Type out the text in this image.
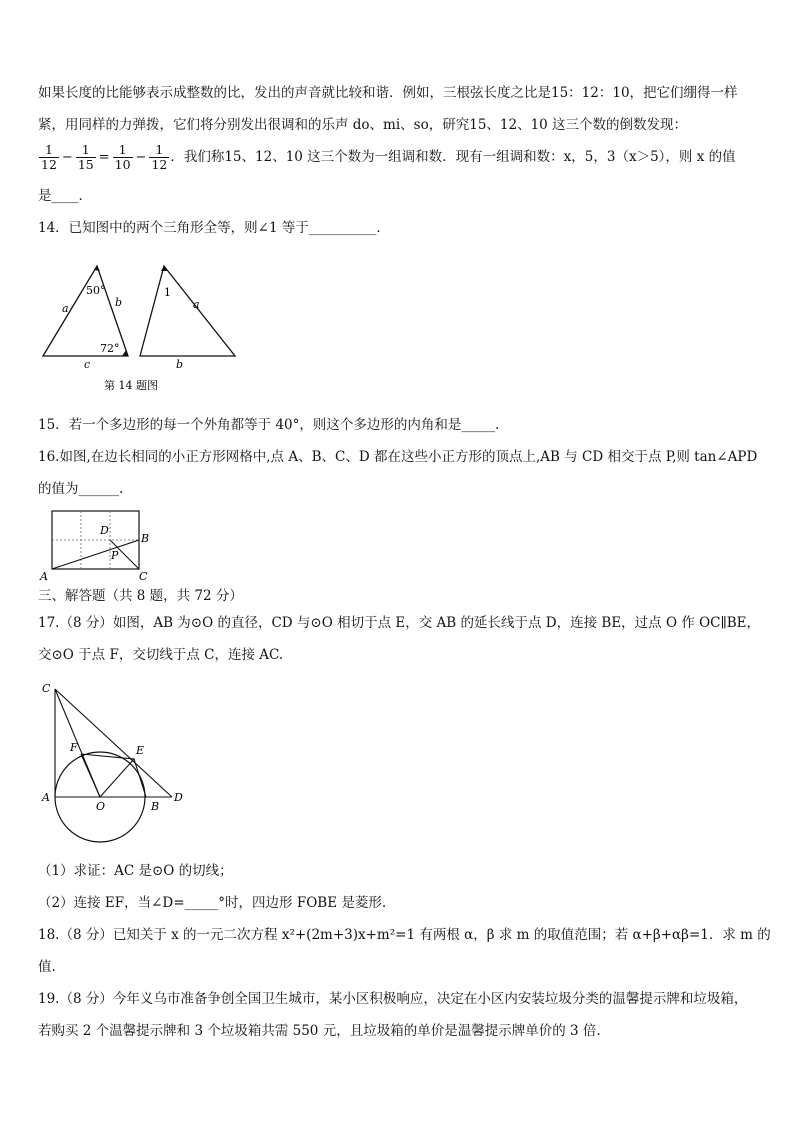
如果长度的比能够表示成整数的比，发出的声音就比较和谐．例如，三根弦长度之比是15：12：10，把它们绷得一样
紧，用同样的力弹拨，它们将分别发出很调和的乐声 do、mi、so，研究15、12、10 这三个数的倒数发现：
$\frac{1}{12} - \frac{1}{15} = \frac{1}{10} - \frac{1}{12}$ ．我们称15、12、10 这三个数为一组调和数．现有一组调和数：x，5，3（x＞5），则 x 的值
是____．
14．已知图中的两个三角形全等，则∠1 等于__________．
50°
72°
a	b
c
1
a
b
第 14 题图
15．若一个多边形的每一个外角都等于 40°，则这个多边形的内角和是_____.
16.如图,在边长相同的小正方形网格中,点 A、B、C、D 都在这些小正方形的顶点上,AB 与 CD 相交于点 P,则 tan∠APD
的值为______.
D
B
P
A	C
三、解答题（共 8 题，共 72 分）
17.（8 分）如图，AB 为⊙O 的直径，CD 与⊙O 相切于点 E，交 AB 的延长线于点 D，连接 BE，过点 O 作 OC∥BE，
交⊙O 于点 F，交切线于点 C，连接 AC.
C
F	E
A
O	B
D
（1）求证：AC 是⊙O 的切线；
（2）连接 EF，当∠D=_____°时，四边形 FOBE 是菱形.
18.（8 分）已知关于 x 的一元二次方程 x²+(2m+3)x+m²=1 有两根 α，β 求 m 的取值范围；若 α+β+αβ=1．求 m 的
值.
19.（8 分）今年义乌市准备争创全国卫生城市，某小区积极响应，决定在小区内安装垃圾分类的温馨提示牌和垃圾箱，
若购买 2 个温馨提示牌和 3 个垃圾箱共需 550 元，且垃圾箱的单价是温馨提示牌单价的 3 倍.
